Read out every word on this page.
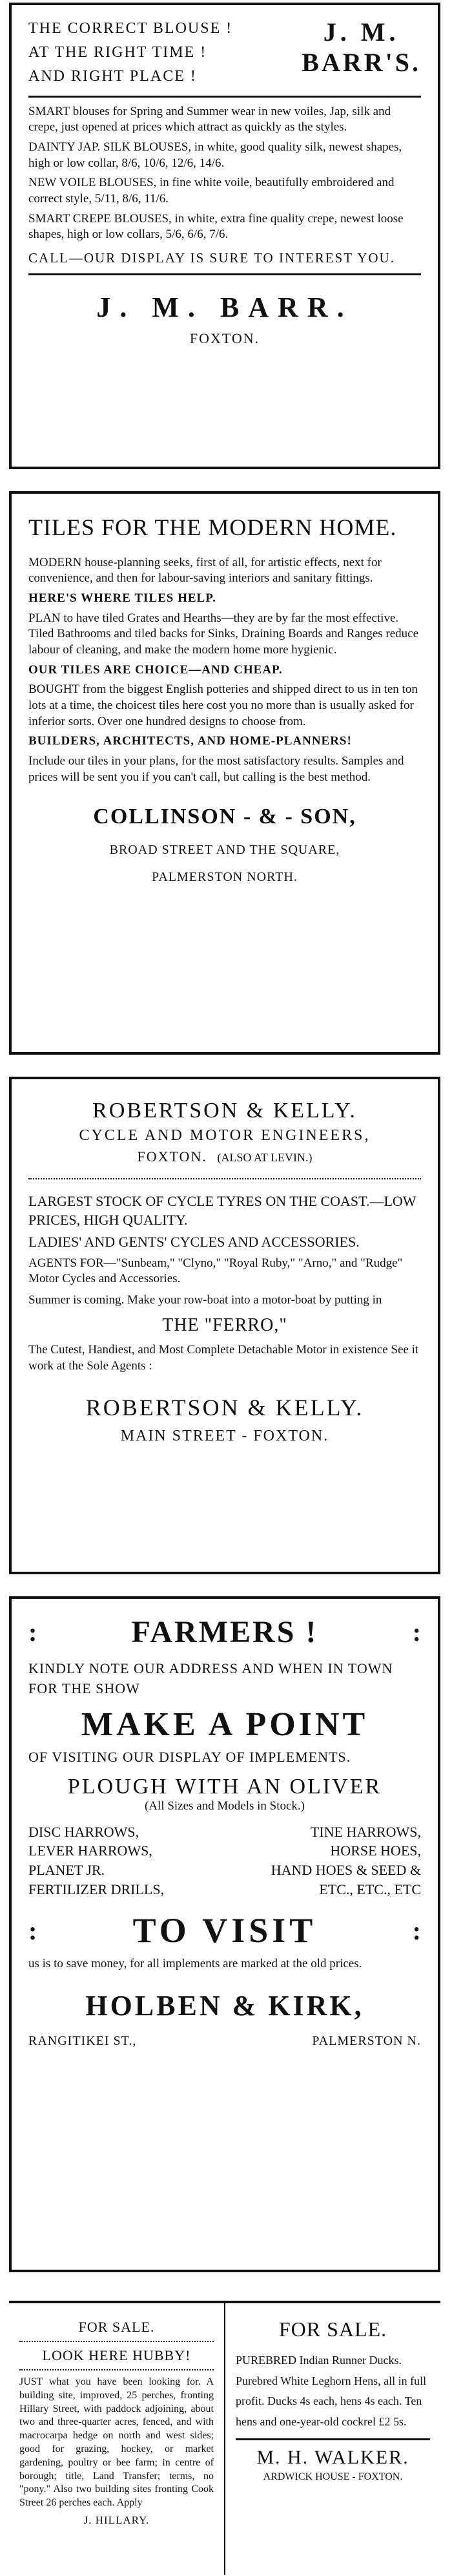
THE CORRECT BLOUSE !
AT THE RIGHT TIME !
AND RIGHT PLACE !
J. M.
BARR'S.

SMART blouses for Spring and Summer wear in new voiles, Jap, silk and crepe, just opened at prices which attract as quickly as the styles.

DAINTY JAP. SILK BLOUSES, in white, good quality silk, newest shapes, high or low collar, 8/6, 10/6, 12/6, 14/6.

NEW VOILE BLOUSES, in fine white voile, beautifully embroidered and correct style, 5/11, 8/6, 11/6.

SMART CREPE BLOUSES, in white, extra fine quality crepe, newest loose shapes, high or low collars, 5/6, 6/6, 7/6.

CALL—OUR DISPLAY IS SURE TO INTEREST YOU.

J. M. BARR.
FOXTON.
TILES FOR THE MODERN HOME.

MODERN house-planning seeks, first of all, for artistic effects, next for convenience, and then for labour-saving interiors and sanitary fittings.

HERE'S WHERE TILES HELP.

PLAN to have tiled Grates and Hearths—they are by far the most effective. Tiled Bathrooms and tiled backs for Sinks, Draining Boards and Ranges reduce labour of cleaning, and make the modern home more hygienic.

OUR TILES ARE CHOICE—AND CHEAP.

BOUGHT from the biggest English potteries and shipped direct to us in ten ton lots at a time, the choicest tiles here cost you no more than is usually asked for inferior sorts. Over one hundred designs to choose from.

BUILDERS, ARCHITECTS, AND HOME-PLANNERS!

Include our tiles in your plans, for the most satisfactory results. Samples and prices will be sent you if you can't call, but calling is the best method.

COLLINSON - & - SON,
BROAD STREET AND THE SQUARE,
PALMERSTON NORTH.
ROBERTSON & KELLY.
CYCLE AND MOTOR ENGINEERS,
FOXTON. (ALSO AT LEVIN.)

LARGEST STOCK OF CYCLE TYRES ON THE COAST.—LOW PRICES, HIGH QUALITY.

LADIES' AND GENTS' CYCLES AND ACCESSORIES.

AGENTS FOR—"Sunbeam," "Clyno," "Royal Ruby," "Arno," and "Rudge" Motor Cycles and Accessories.

Summer is coming. Make your row-boat into a motor-boat by putting in

THE "FERRO,"

The Cutest, Handiest, and Most Complete Detachable Motor in existence See it work at the Sole Agents :

ROBERTSON & KELLY.
MAIN STREET - FOXTON.
:	FARMERS !	:
KINDLY NOTE OUR ADDRESS AND WHEN IN TOWN FOR THE SHOW
MAKE A POINT
OF VISITING OUR DISPLAY OF IMPLEMENTS.
PLOUGH WITH AN OLIVER
(All Sizes and Models in Stock.)
DISC HARROWS,	TINE HARROWS,
LEVER HARROWS,	HORSE HOES,
PLANET JR.	HAND HOES & SEED &
FERTILIZER DRILLS,	ETC., ETC., ETC
:	TO VISIT	:
us is to save money, for all implements are marked at the old prices.
HOLBEN & KIRK,
RANGITIKEI ST.,	PALMERSTON N.
FOR SALE.
LOOK HERE HUBBY!
JUST what you have been looking for. A building site, improved, 25 perches, fronting Hillary Street, with paddock adjoining, about two and three-quarter acres, fenced, and with macrocarpa hedge on north and west sides; good for grazing, hockey, or market gardening, poultry or bee farm; in centre of borough; title, Land Transfer; terms, no "pony." Also two building sites fronting Cook Street 26 perches each. Apply
J. HILLARY.
FOR SALE.
PUREBRED Indian Runner Ducks. Purebred White Leghorn Hens, all in full profit. Ducks 4s each, hens 4s each. Ten hens and one-year-old cockrel £2 5s.
M. H. WALKER.
ARDWICK HOUSE - FOXTON.
